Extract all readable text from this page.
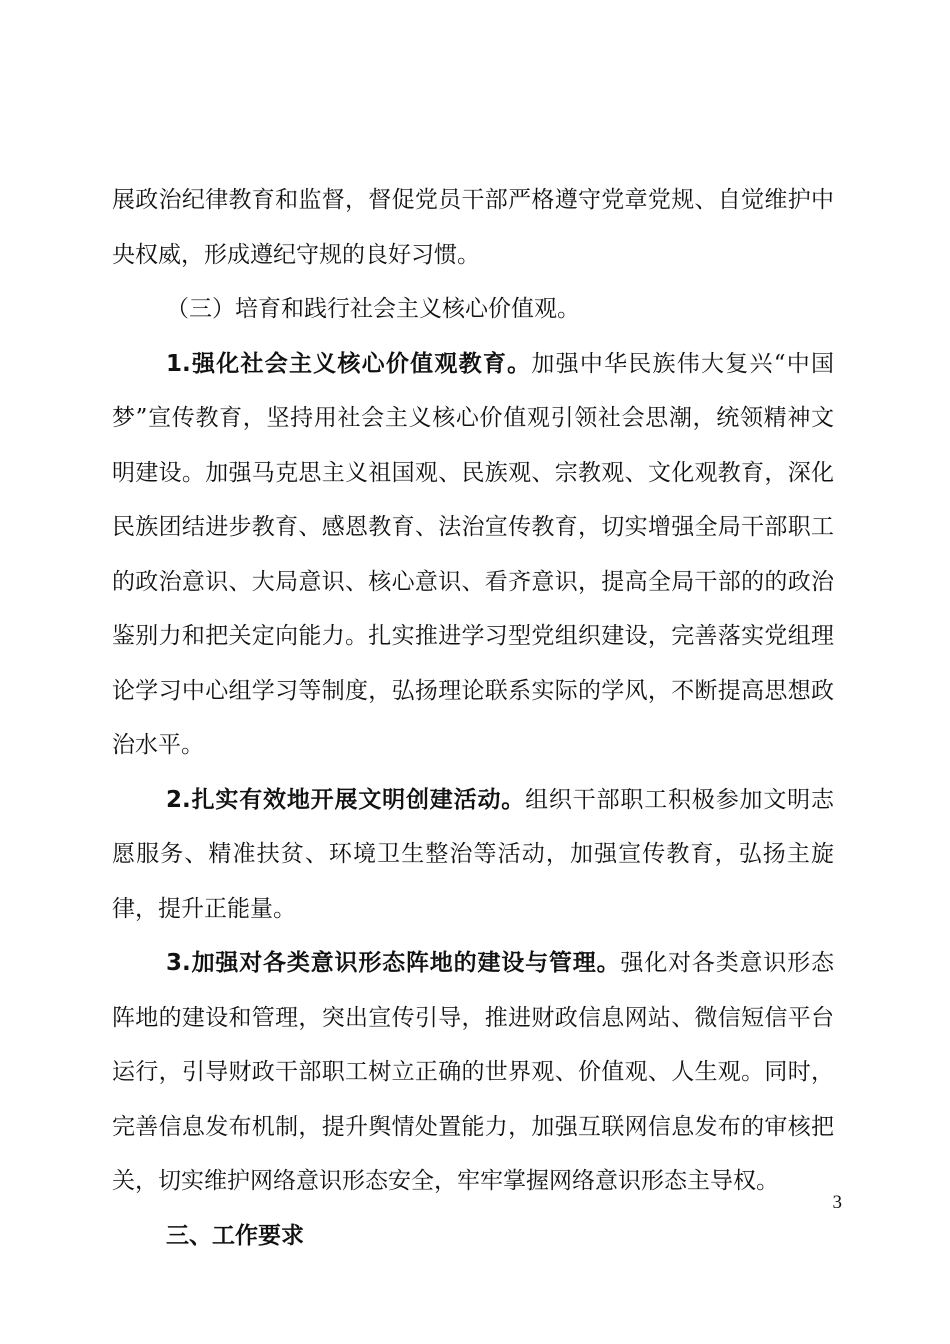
展政治纪律教育和监督，督促党员干部严格遵守党章党规、自觉维护中央权威，形成遵纪守规的良好习惯。

（三）培育和践行社会主义核心价值观。

1.强化社会主义核心价值观教育。加强中华民族伟大复兴“中国梦”宣传教育，坚持用社会主义核心价值观引领社会思潮，统领精神文明建设。加强马克思主义祖国观、民族观、宗教观、文化观教育，深化民族团结进步教育、感恩教育、法治宣传教育，切实增强全局干部职工的政治意识、大局意识、核心意识、看齐意识，提高全局干部的的政治鉴别力和把关定向能力。扎实推进学习型党组织建设，完善落实党组理论学习中心组学习等制度，弘扬理论联系实际的学风，不断提高思想政治水平。

2.扎实有效地开展文明创建活动。组织干部职工积极参加文明志愿服务、精准扶贫、环境卫生整治等活动，加强宣传教育，弘扬主旋律，提升正能量。

3.加强对各类意识形态阵地的建设与管理。强化对各类意识形态阵地的建设和管理，突出宣传引导，推进财政信息网站、微信短信平台运行，引导财政干部职工树立正确的世界观、价值观、人生观。同时，完善信息发布机制，提升舆情处置能力，加强互联网信息发布的审核把关，切实维护网络意识形态安全，牢牢掌握网络意识形态主导权。

三、工作要求

3
